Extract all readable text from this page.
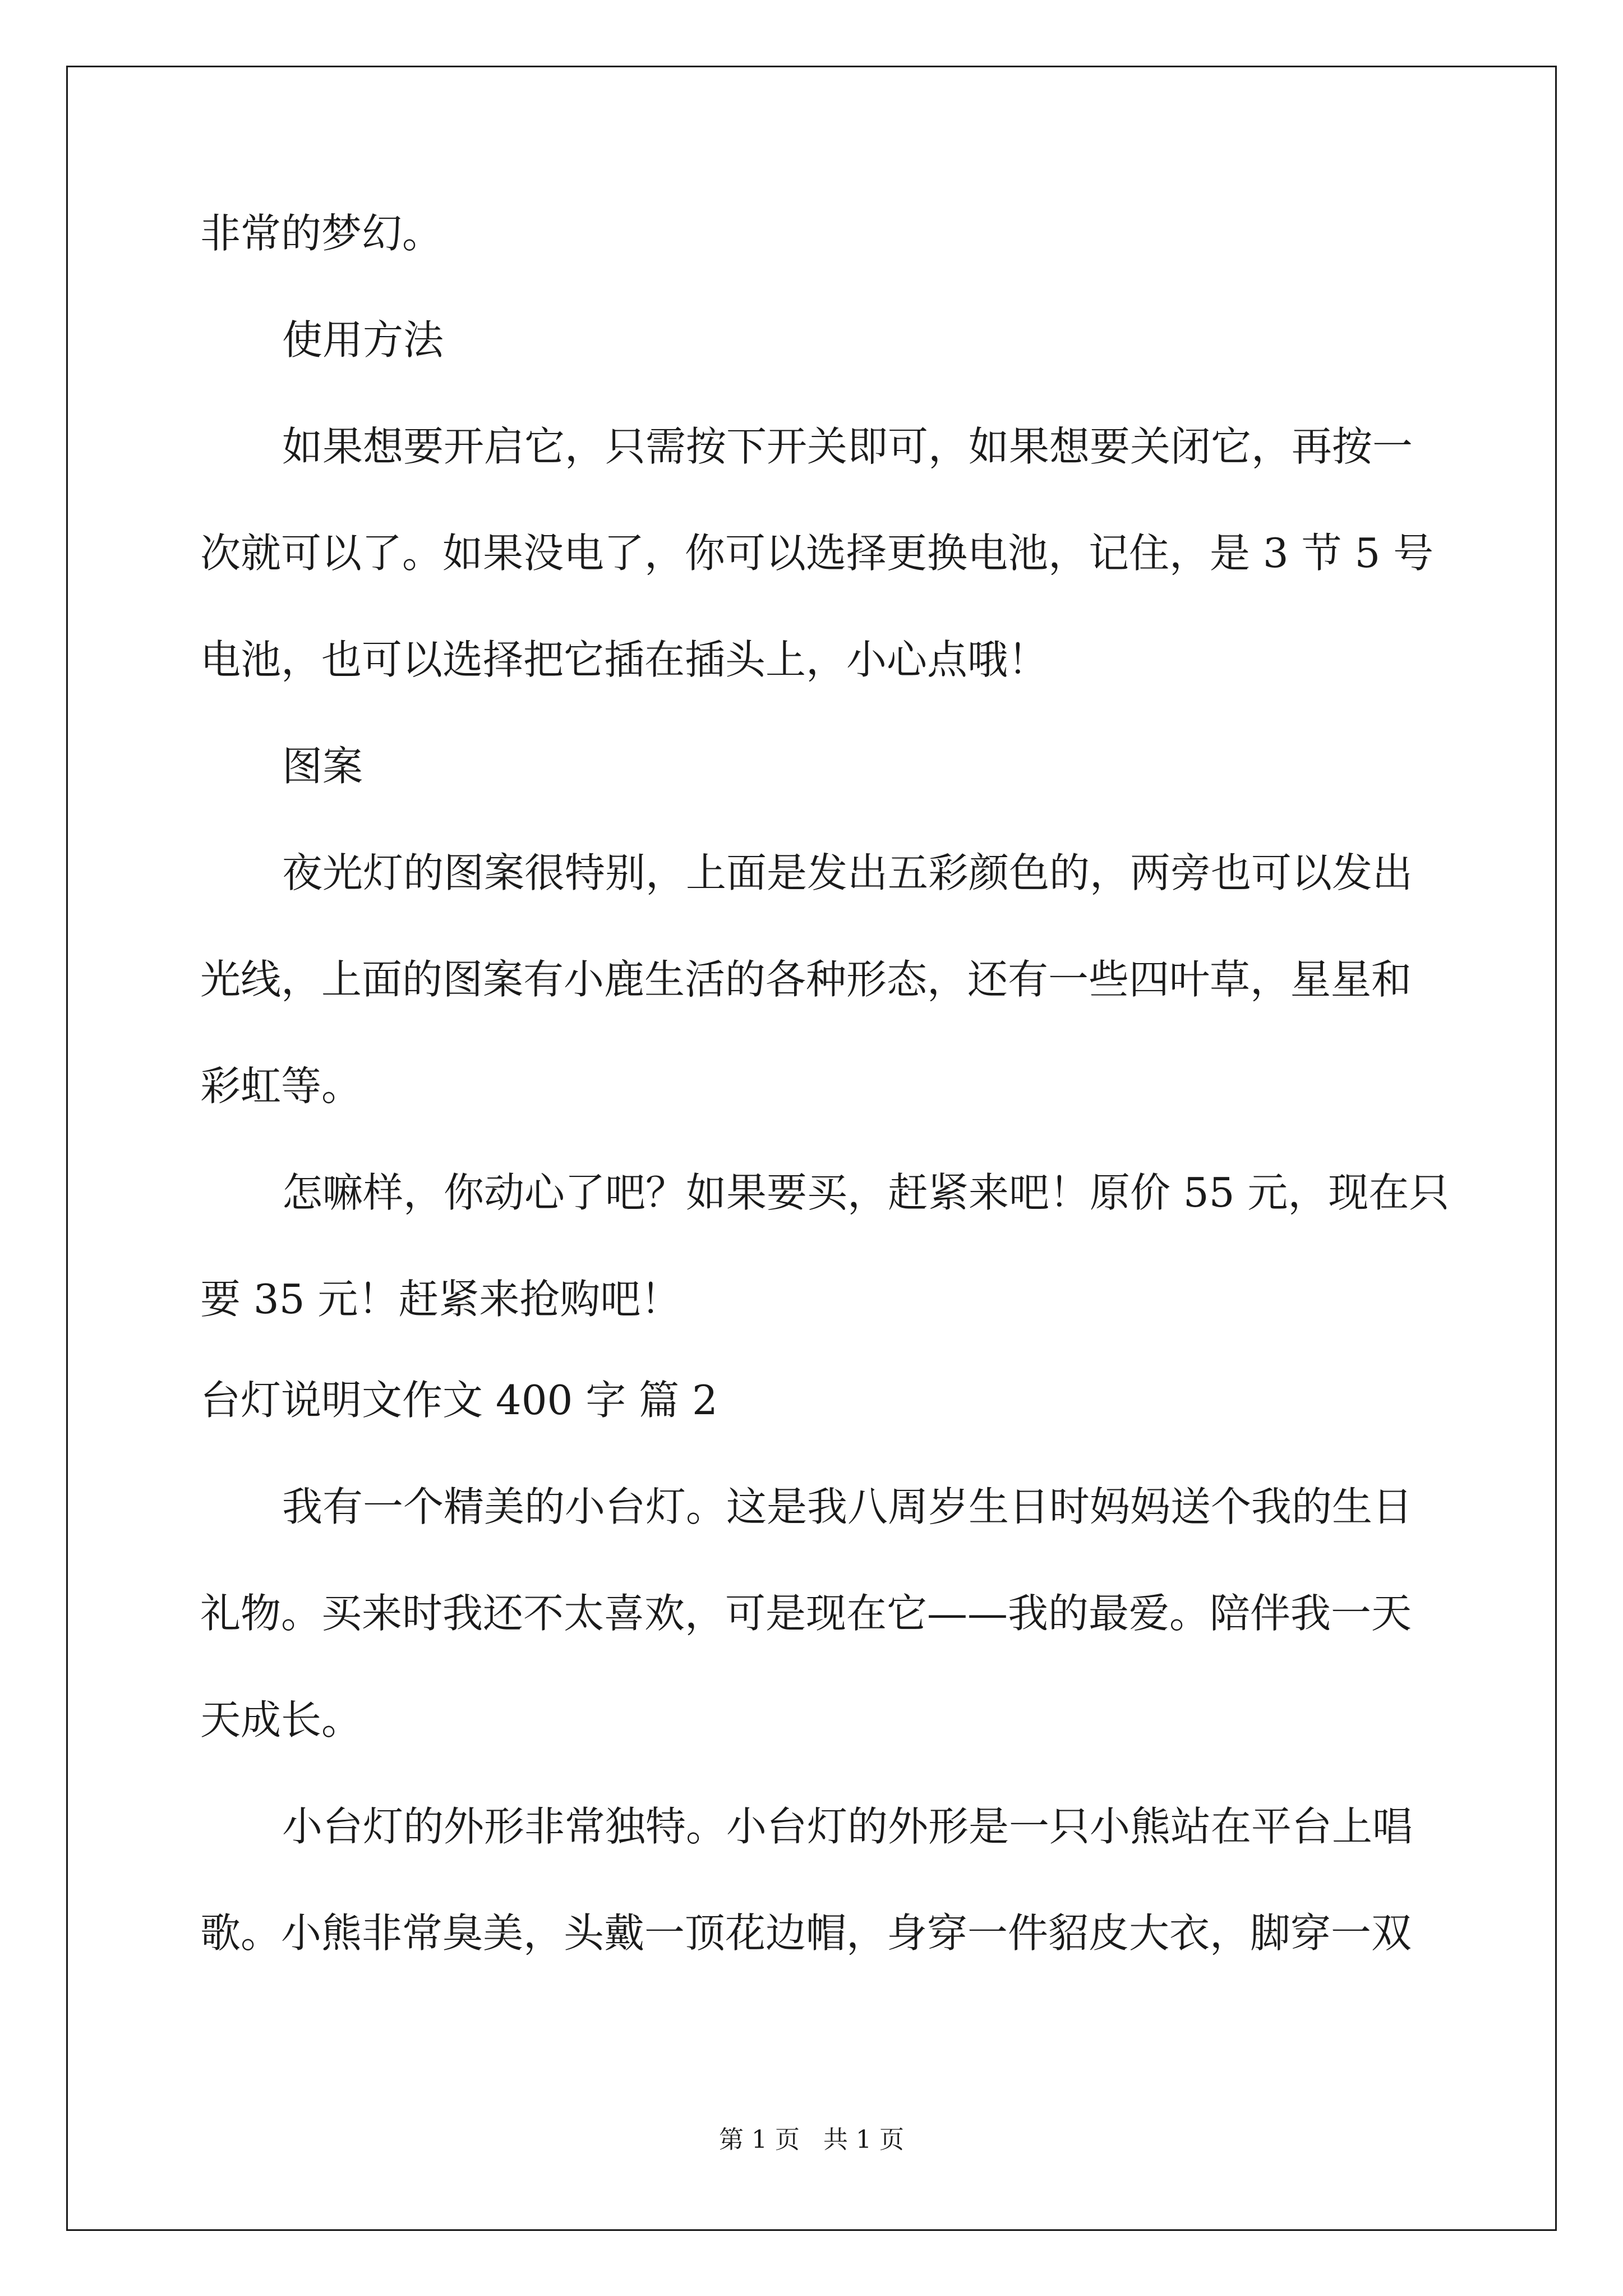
非常的梦幻。
使用方法
如果想要开启它，只需按下开关即可，如果想要关闭它，再按一
次就可以了。如果没电了，你可以选择更换电池，记住，是 3 节 5 号
电池，也可以选择把它插在插头上，小心点哦！
图案
夜光灯的图案很特别，上面是发出五彩颜色的，两旁也可以发出
光线，上面的图案有小鹿生活的各种形态，还有一些四叶草，星星和
彩虹等。
怎嘛样，你动心了吧？如果要买，赶紧来吧！原价 55 元，现在只
要 35 元！赶紧来抢购吧！
台灯说明文作文 400 字 篇 2
我有一个精美的小台灯。这是我八周岁生日时妈妈送个我的生日
礼物。买来时我还不太喜欢，可是现在它——我的最爱。陪伴我一天
天成长。
小台灯的外形非常独特。小台灯的外形是一只小熊站在平台上唱
歌。小熊非常臭美，头戴一顶花边帽，身穿一件貂皮大衣，脚穿一双
第 1 页   共 1 页
